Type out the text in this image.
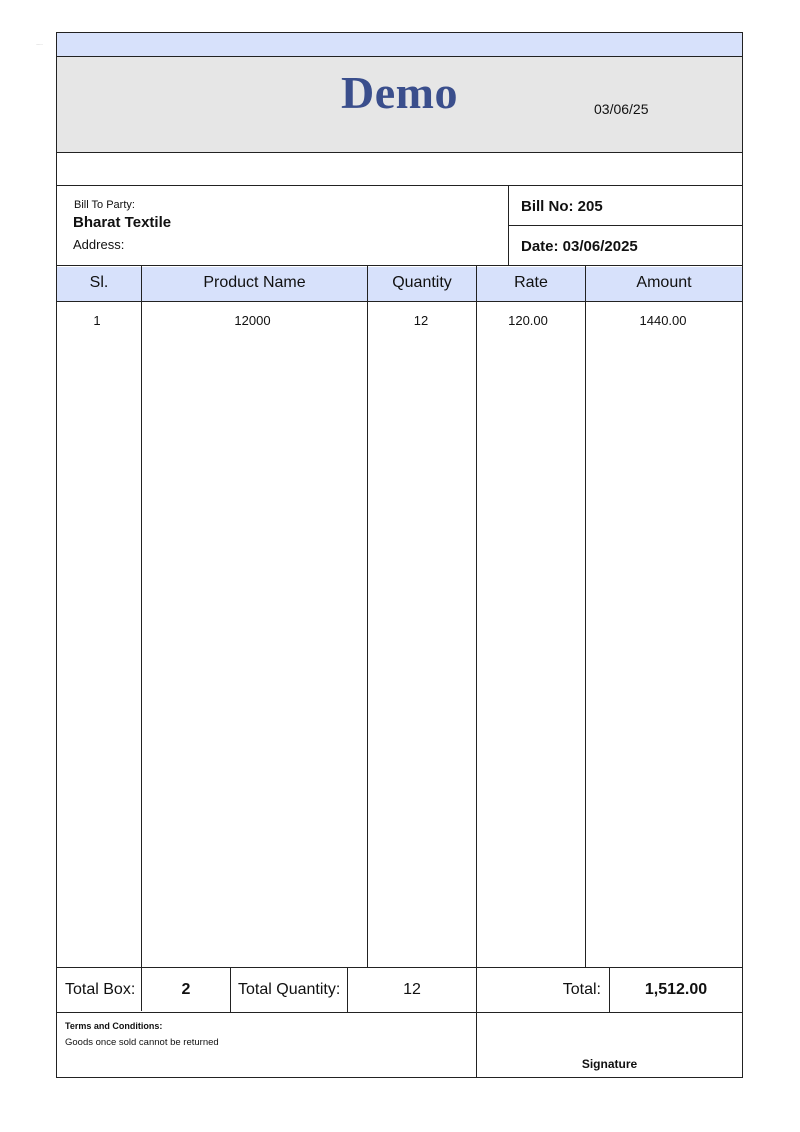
........
Demo	03/06/25
Bill To Party:
Bharat Textile
Address:
Bill No: 205
Date: 03/06/2025
Sl.	Product Name	Quantity	Rate	Amount
1	12000	12	120.00	1440.00
Total Box:	2	Total Quantity:	12	Total:	1,512.00
Terms and Conditions:
Goods once sold cannot be returned
Signature
